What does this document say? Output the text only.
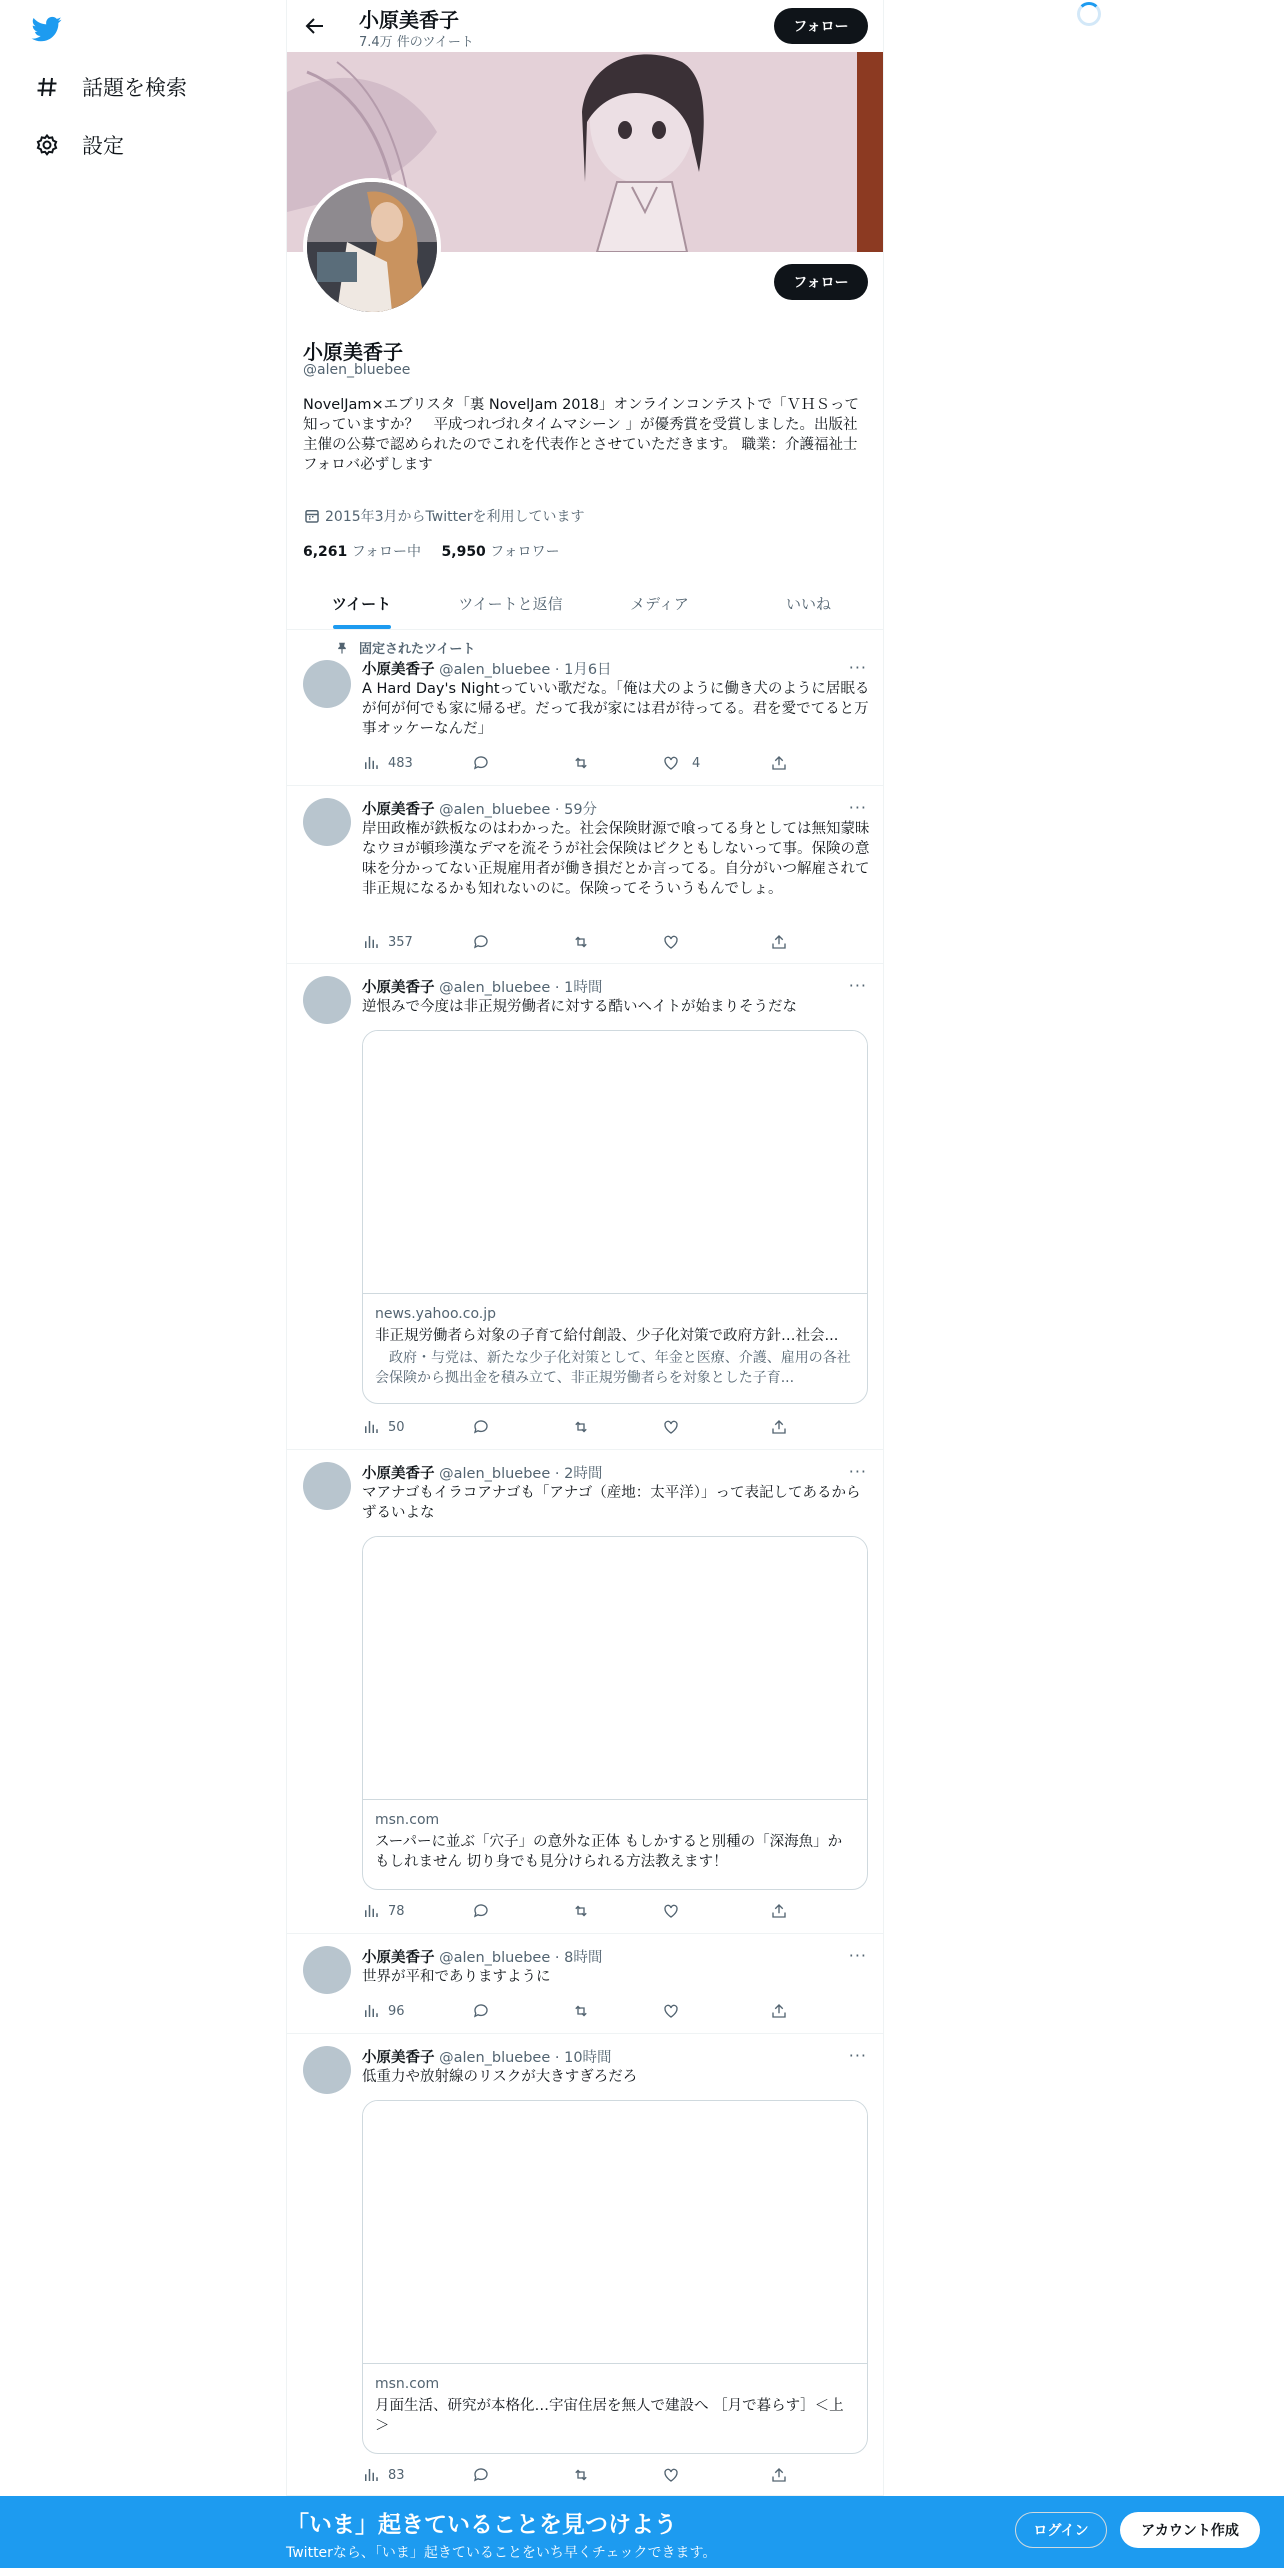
話題を検索
設定
小原美香子
7.4万 件のツイート
フォロー
フォロー
小原美香子
@alen_bluebee
NovelJam×エブリスタ「裏 NovelJam 2018」オンラインコンテストで「ＶＨＳって知っていますか？　平成つれづれタイムマシーン 」が優秀賞を受賞しました。出版社主催の公募で認められたのでこれを代表作とさせていただきます。 職業：介護福祉士
フォロバ必ずします
2015年3月からTwitterを利用しています
6,261 フォロー中 5,950 フォロワー
ツイート	ツイートと返信	メディア	いいね
固定されたツイート
小原美香子 @alen_bluebee · 1月6日	···
A Hard Day's Nightっていい歌だな。「俺は犬のように働き犬のように居眠るが何が何でも家に帰るぜ。だって我が家には君が待ってる。君を愛でてると万事オッケーなんだ」
483	4
小原美香子 @alen_bluebee · 59分	···
岸田政権が鉄板なのはわかった。社会保険財源で喰ってる身としては無知蒙昧なウヨが頓珍漢なデマを流そうが社会保険はビクともしないって事。保険の意味を分かってない正規雇用者が働き損だとか言ってる。自分がいつ解雇されて非正規になるかも知れないのに。保険ってそういうもんでしょ。
357
小原美香子 @alen_bluebee · 1時間	···
逆恨みで今度は非正規労働者に対する酷いヘイトが始まりそうだな
news.yahoo.co.jp
非正規労働者ら対象の子育て給付創設、少子化対策で政府方針…社会...
　政府・与党は、新たな少子化対策として、年金と医療、介護、雇用の各社会保険から拠出金を積み立て、非正規労働者らを対象とした子育...
50
小原美香子 @alen_bluebee · 2時間	···
マアナゴもイラコアナゴも「アナゴ（産地：太平洋）」って表記してあるからずるいよな
msn.com
スーパーに並ぶ「穴子」の意外な正体 もしかすると別種の「深海魚」かもしれません 切り身でも見分けられる方法教えます！
78
小原美香子 @alen_bluebee · 8時間	···
世界が平和でありますように
96
小原美香子 @alen_bluebee · 10時間	···
低重力や放射線のリスクが大きすぎろだろ
msn.com
月面生活、研究が本格化…宇宙住居を無人で建設へ ［月で暮らす］＜上＞
83
「いま」起きていることを見つけよう
Twitterなら、「いま」起きていることをいち早くチェックできます。
ログイン	アカウント作成
